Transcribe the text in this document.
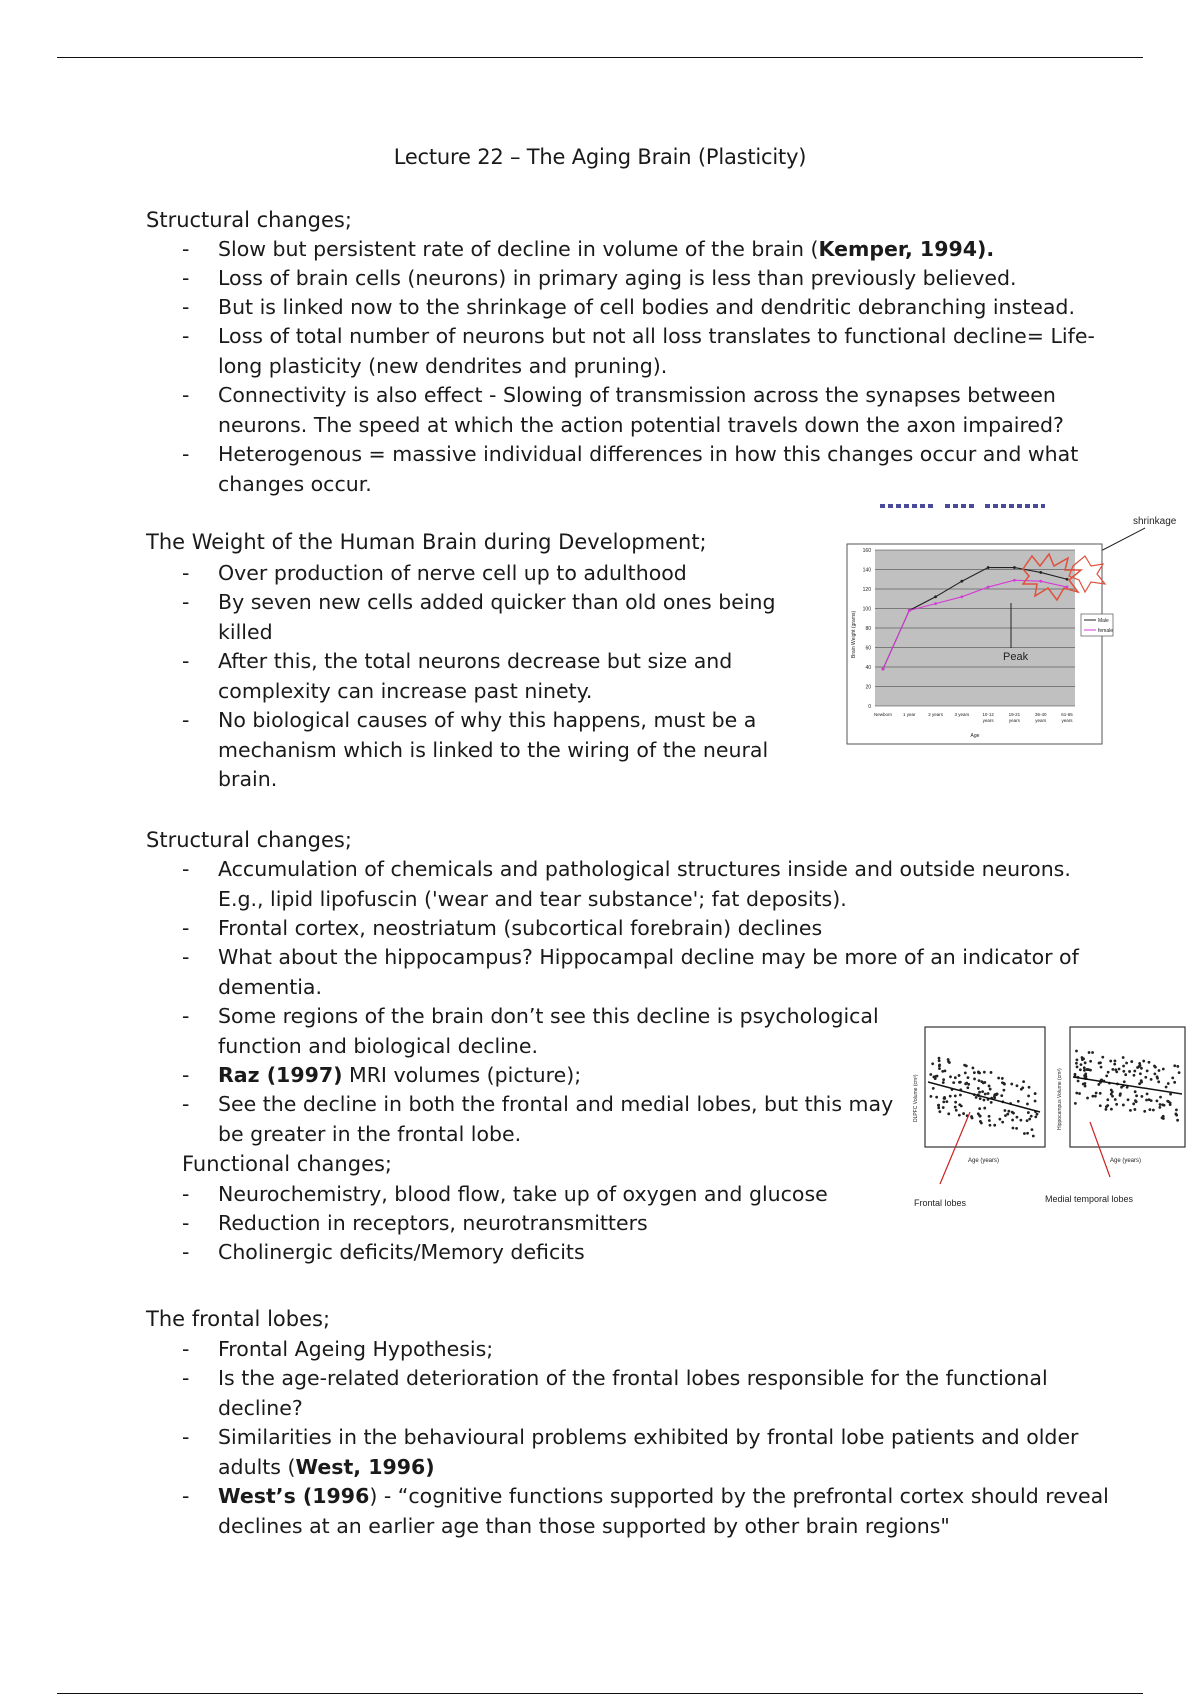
Lecture 22 – The Aging Brain (Plasticity)
Structural changes;
- Slow but persistent rate of decline in volume of the brain (Kemper, 1994).
- Loss of brain cells (neurons) in primary aging is less than previously believed.
- But is linked now to the shrinkage of cell bodies and dendritic debranching instead.
- Loss of total number of neurons but not all loss translates to functional decline= Life-
long plasticity (new dendrites and pruning).
- Connectivity is also effect - Slowing of transmission across the synapses between
neurons. The speed at which the action potential travels down the axon impaired?
- Heterogenous = massive individual differences in how this changes occur and what
changes occur.
The Weight of the Human Brain during Development;
- Over production of nerve cell up to adulthood
- By seven new cells added quicker than old ones being
killed
- After this, the total neurons decrease but size and
complexity can increase past ninety.
- No biological causes of why this happens, must be a
mechanism which is linked to the wiring of the neural
brain.
shrinkage
0
20
40
60
80
100
120
140
160
Age
Brain Weight (grams)
Newborn 1 year	2 years	3 years	10-12
years
19-21
years
36-40
years
61-65
years
Peak
Male
female
Structural changes;
- Accumulation of chemicals and pathological structures inside and outside neurons.
E.g., lipid lipofuscin ('wear and tear substance'; fat deposits).
- Frontal cortex, neostriatum (subcortical forebrain) declines
- What about the hippocampus? Hippocampal decline may be more of an indicator of
dementia.
- Some regions of the brain don’t see this decline is psychological
function and biological decline.
- Raz (1997) MRI volumes (picture);
- See the decline in both the frontal and medial lobes, but this may
be greater in the frontal lobe.
Functional changes;
- Neurochemistry, blood flow, take up of oxygen and glucose
- Reduction in receptors, neurotransmitters
- Cholinergic deficits/Memory deficits
DLPFC Volume (cm³)	Hippocampus Volume (cm³)
Age (years)	Age (years)
Frontal lobes	Medial temporal lobes
The frontal lobes;
- Frontal Ageing Hypothesis;
- Is the age-related deterioration of the frontal lobes responsible for the functional
decline?
- Similarities in the behavioural problems exhibited by frontal lobe patients and older
adults (West, 1996)
- West’s (1996) - “cognitive functions supported by the prefrontal cortex should reveal
declines at an earlier age than those supported by other brain regions"
